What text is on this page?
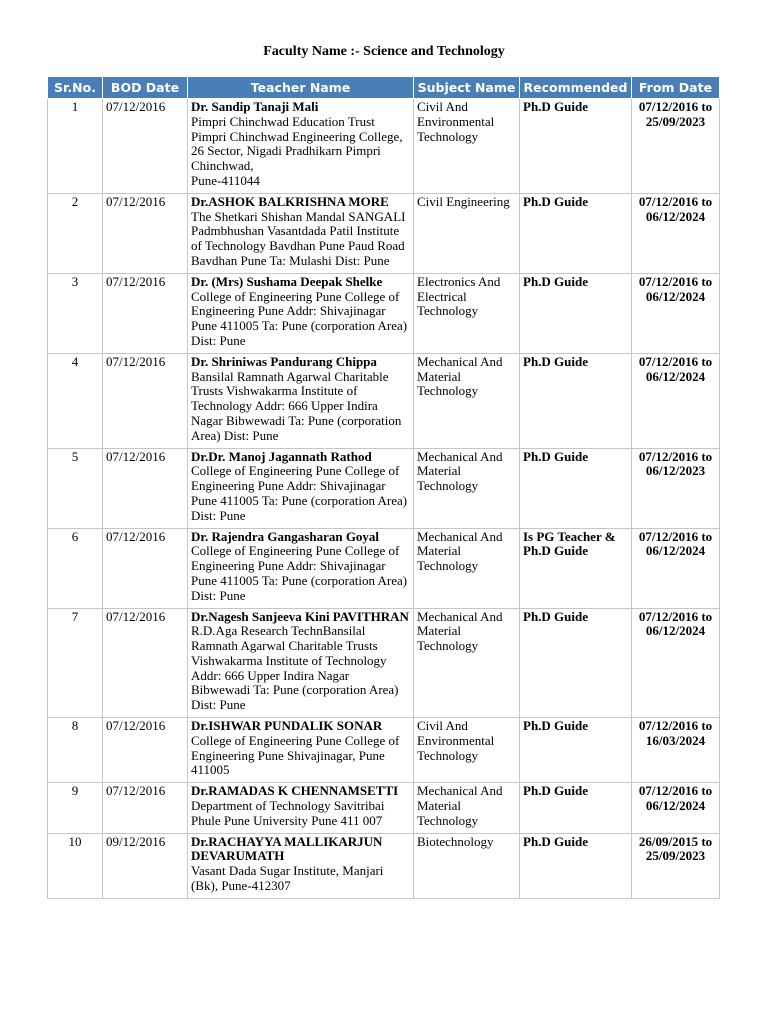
Faculty Name :- Science and Technology
Sr.No.	BOD Date	Teacher Name	Subject Name	Recommended	From Date
1	07/12/2016	Dr. Sandip Tanaji Mali
Pimpri Chinchwad Education Trust Pimpri Chinchwad Engineering College, 26 Sector, Nigadi Pradhikarn Pimpri Chinchwad,
Pune-411044	Civil And Environmental Technology	Ph.D Guide	07/12/2016 to 25/09/2023
2	07/12/2016	Dr.ASHOK BALKRISHNA MORE
The Shetkari Shishan Mandal SANGALI Padmbhushan Vasantdada Patil Institute of Technology Bavdhan Pune Paud Road Bavdhan Pune Ta: Mulashi Dist: Pune	Civil Engineering	Ph.D Guide	07/12/2016 to 06/12/2024
3	07/12/2016	Dr. (Mrs) Sushama Deepak Shelke
College of Engineering Pune College of Engineering Pune Addr: Shivajinagar Pune 411005 Ta: Pune (corporation Area) Dist: Pune	Electronics And Electrical Technology	Ph.D Guide	07/12/2016 to 06/12/2024
4	07/12/2016	Dr. Shriniwas Pandurang Chippa
Bansilal Ramnath Agarwal Charitable Trusts Vishwakarma Institute of Technology Addr: 666 Upper Indira Nagar Bibwewadi Ta: Pune (corporation Area) Dist: Pune	Mechanical And Material Technology	Ph.D Guide	07/12/2016 to 06/12/2024
5	07/12/2016	Dr.Dr. Manoj Jagannath Rathod
College of Engineering Pune College of Engineering Pune Addr: Shivajinagar Pune 411005 Ta: Pune (corporation Area) Dist: Pune	Mechanical And Material Technology	Ph.D Guide	07/12/2016 to 06/12/2023
6	07/12/2016	Dr. Rajendra Gangasharan Goyal
College of Engineering Pune College of Engineering Pune Addr: Shivajinagar Pune 411005 Ta: Pune (corporation Area) Dist: Pune	Mechanical And Material Technology	Is PG Teacher & Ph.D Guide	07/12/2016 to 06/12/2024
7	07/12/2016	Dr.Nagesh Sanjeeva Kini PAVITHRAN
R.D.Aga Research TechnBansilal Ramnath Agarwal Charitable Trusts Vishwakarma Institute of Technology Addr: 666 Upper Indira Nagar Bibwewadi Ta: Pune (corporation Area) Dist: Pune	Mechanical And Material Technology	Ph.D Guide	07/12/2016 to 06/12/2024
8	07/12/2016	Dr.ISHWAR PUNDALIK SONAR
College of Engineering Pune College of Engineering Pune Shivajinagar, Pune 411005	Civil And Environmental Technology	Ph.D Guide	07/12/2016 to 16/03/2024
9	07/12/2016	Dr.RAMADAS K CHENNAMSETTI
Department of Technology Savitribai Phule Pune University Pune 411 007	Mechanical And Material Technology	Ph.D Guide	07/12/2016 to 06/12/2024
10	09/12/2016	Dr.RACHAYYA MALLIKARJUN DEVARUMATH
Vasant Dada Sugar Institute, Manjari (Bk), Pune-412307	Biotechnology	Ph.D Guide	26/09/2015 to 25/09/2023
